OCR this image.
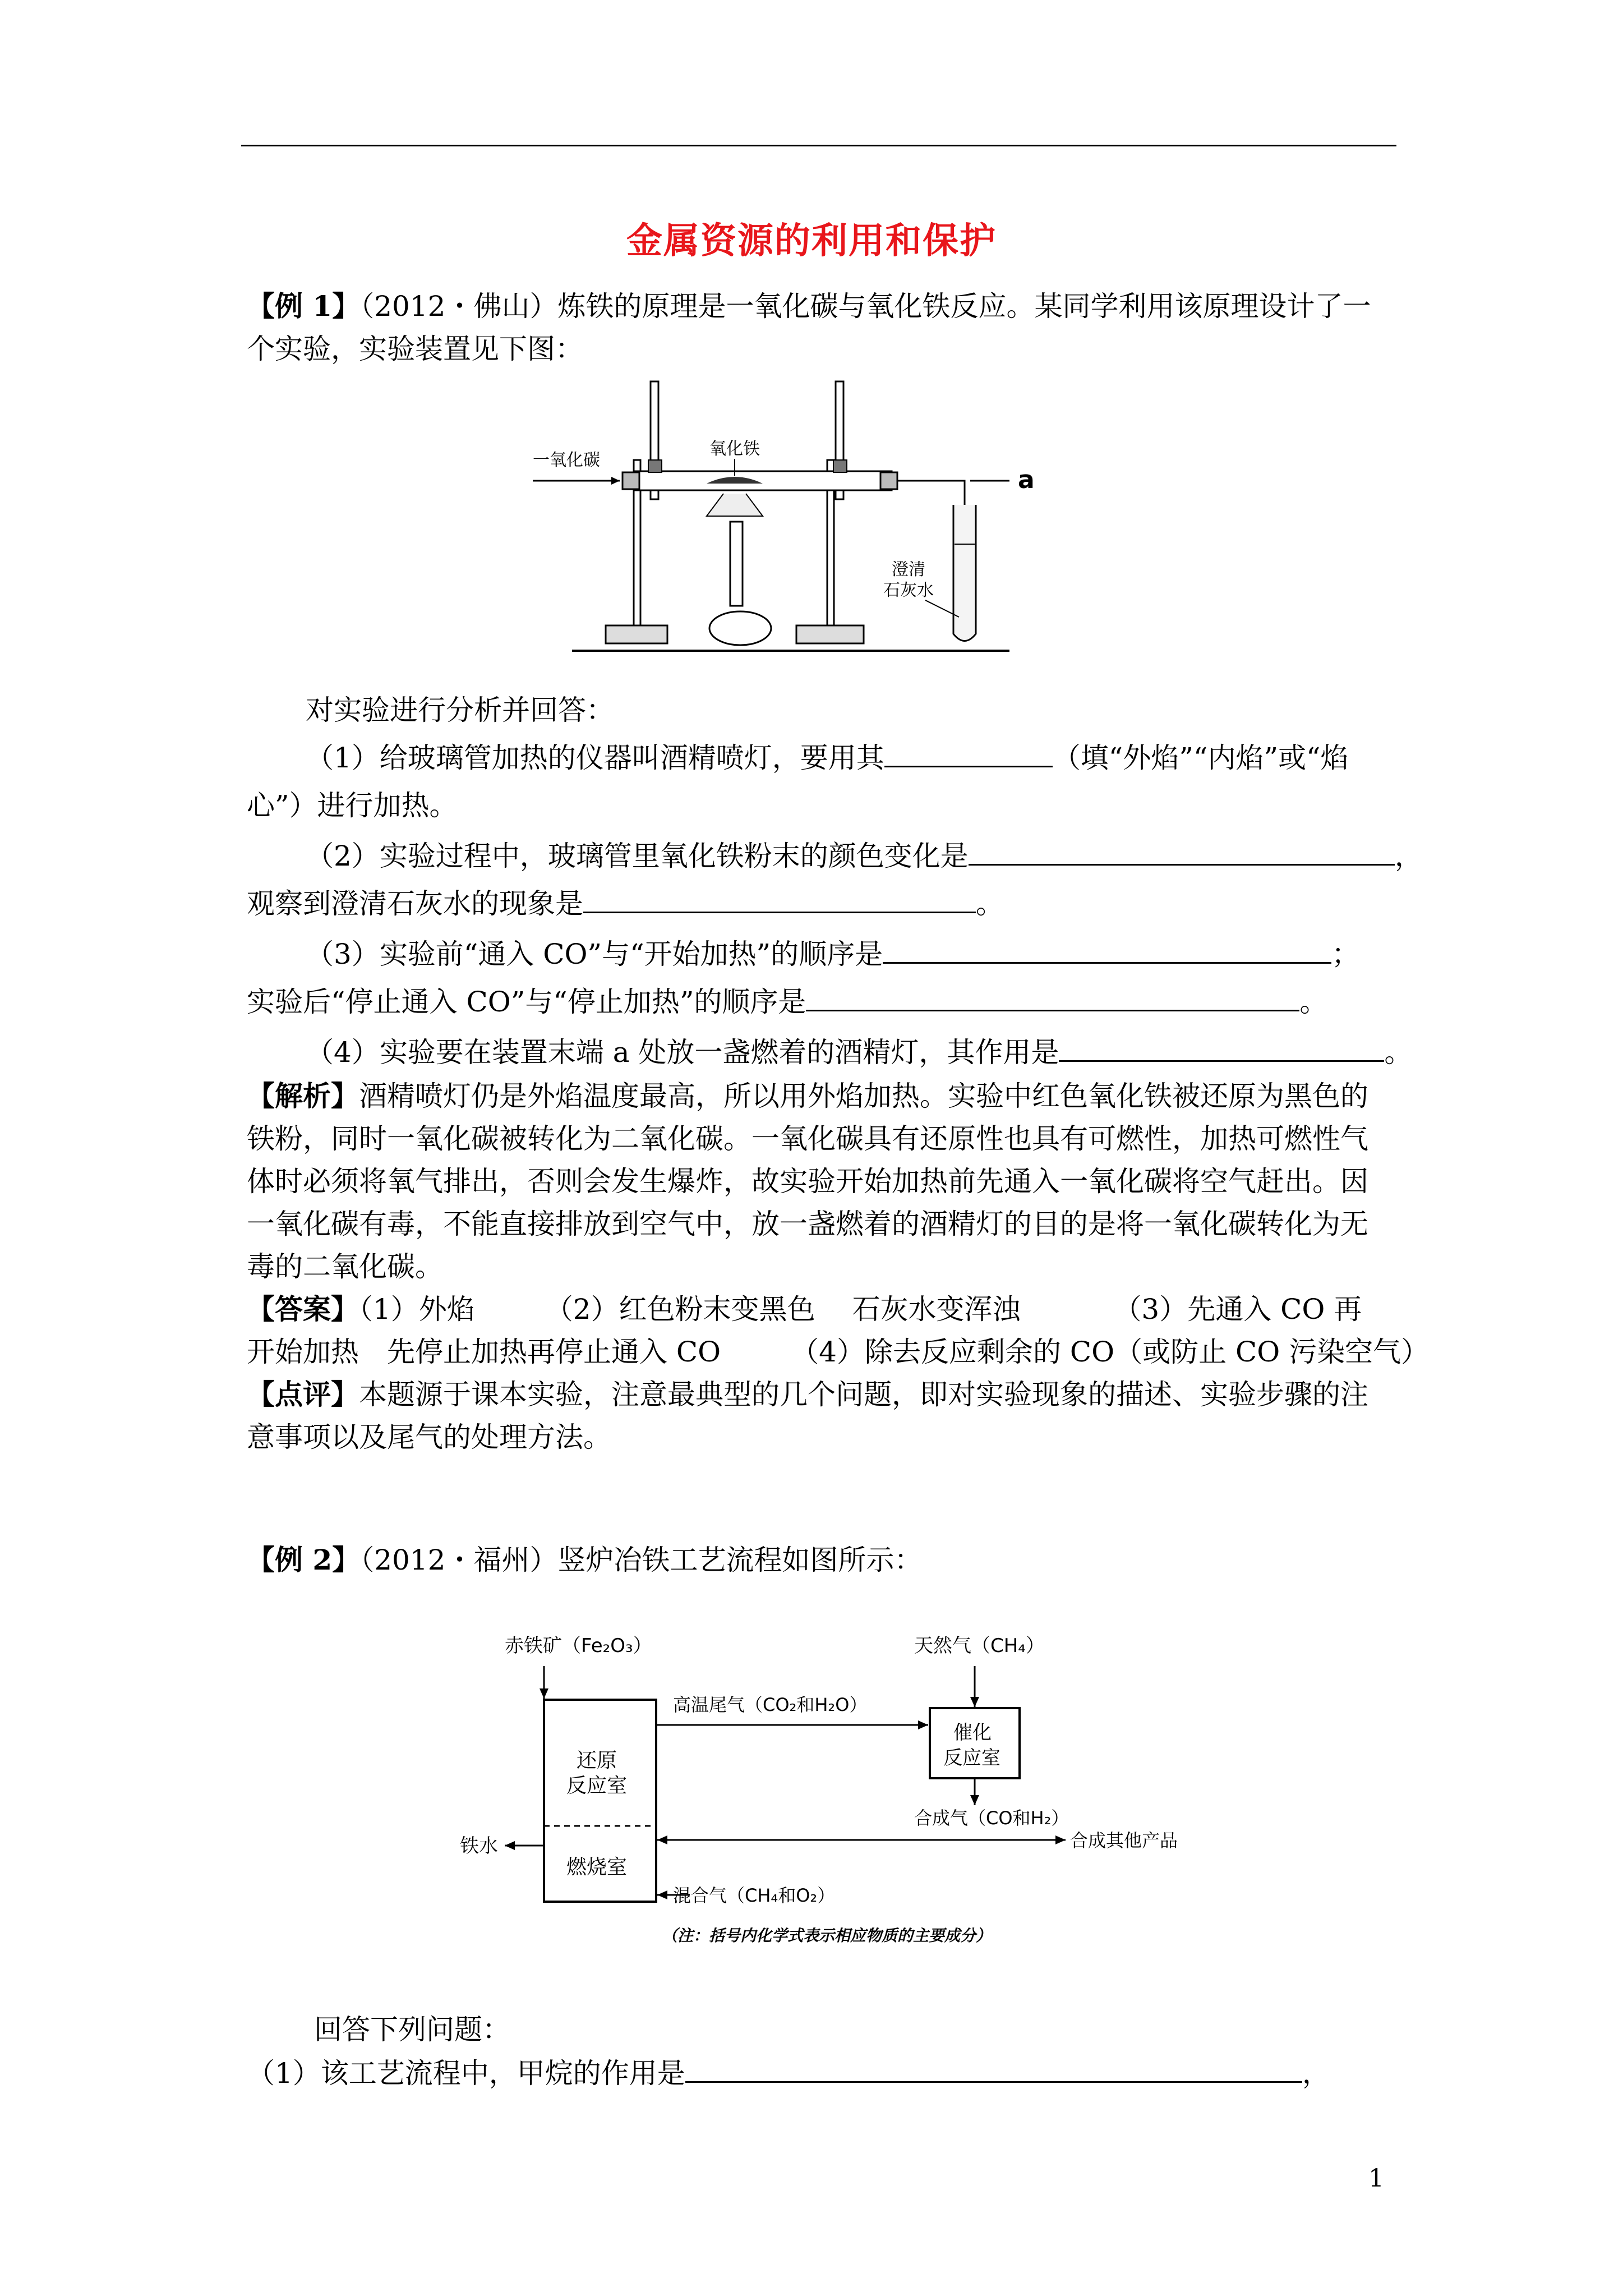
金属资源的利用和保护
【例 1】（2012・佛山）炼铁的原理是一氧化碳与氧化铁反应。某同学利用该原理设计了一
个实验，实验装置见下图：
一氧化碳
氧化铁
a
澄清
石灰水
对实验进行分析并回答：
（1）给玻璃管加热的仪器叫酒精喷灯，要用其	（填“外焰”“内焰”或“焰
心”）进行加热。
（2）实验过程中，玻璃管里氧化铁粉末的颜色变化是	，
观察到澄清石灰水的现象是	。
（3）实验前“通入 CO”与“开始加热”的顺序是	；
实验后“停止通入 CO”与“停止加热”的顺序是	。
（4）实验要在装置末端 a 处放一盏燃着的酒精灯，其作用是	。
【解析】酒精喷灯仍是外焰温度最高，所以用外焰加热。实验中红色氧化铁被还原为黑色的
铁粉，同时一氧化碳被转化为二氧化碳。一氧化碳具有还原性也具有可燃性，加热可燃性气
体时必须将氧气排出，否则会发生爆炸，故实验开始加热前先通入一氧化碳将空气赶出。因
一氧化碳有毒，不能直接排放到空气中，放一盏燃着的酒精灯的目的是将一氧化碳转化为无
毒的二氧化碳。
【答案】（1）外焰　　　（2）红色粉末变黑色　 石灰水变浑浊　　　 （3）先通入 CO 再
开始加热　先停止加热再停止通入 CO　　　（4）除去反应剩余的 CO（或防止 CO 污染空气）
【点评】本题源于课本实验，注意最典型的几个问题，即对实验现象的描述、实验步骤的注
意事项以及尾气的处理方法。
【例 2】（2012・福州）竖炉冶铁工艺流程如图所示：
赤铁矿（Fe₂O₃）
还原
反应室
燃烧室
高温尾气（CO₂和H₂O）
催化
反应室
天然气（CH₄）
合成气（CO和H₂）
合成其他产品
铁水
混合气（CH₄和O₂）
（注：括号内化学式表示相应物质的主要成分）
回答下列问题：
（1）该工艺流程中，甲烷的作用是	，
1
